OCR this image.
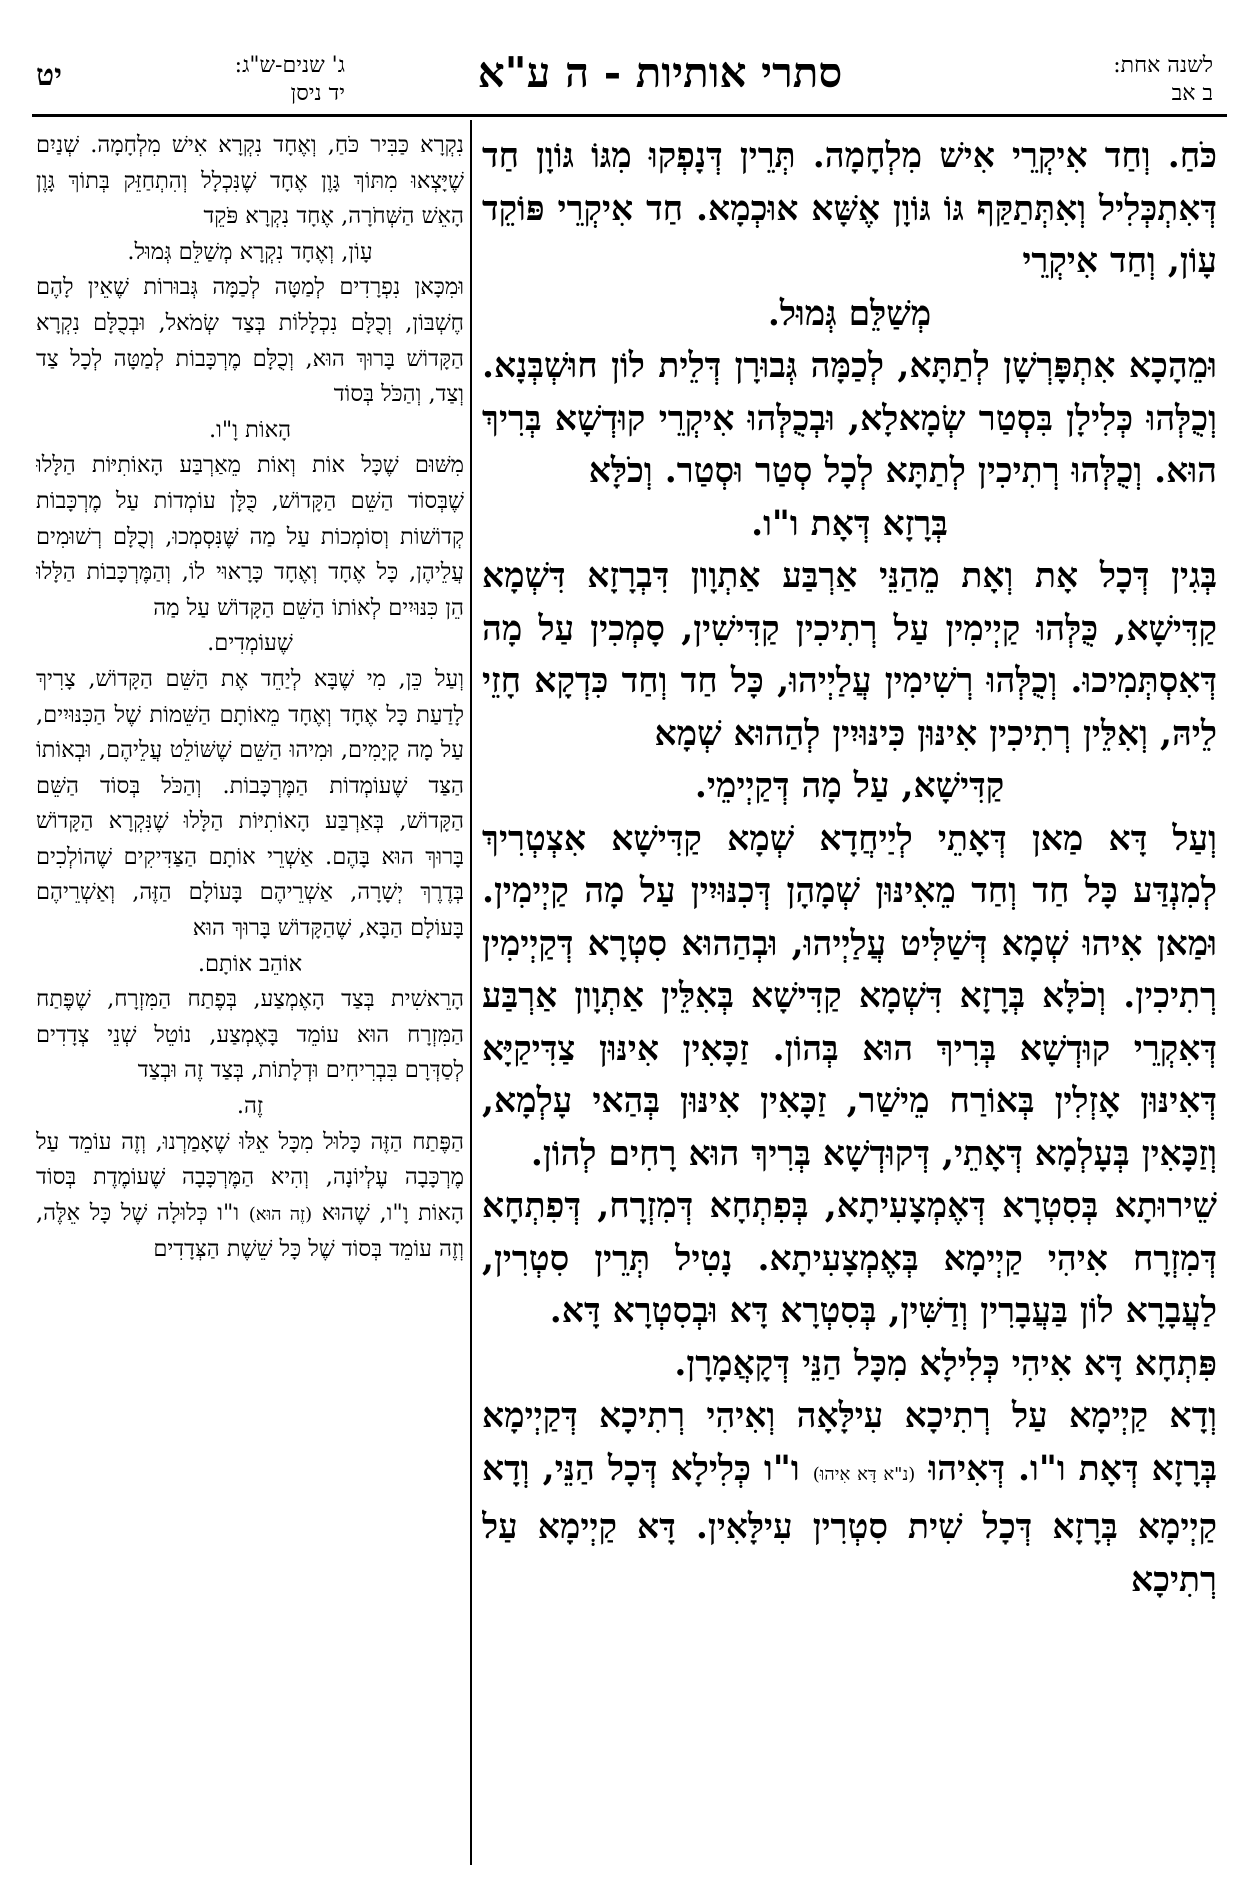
לשנה אחת:
ב אב
סתרי אותיות - ה ע"א
ג' שנים-ש"ג:
יד ניסן
יט

כֹּחַ. וְחַד אִיקְרֵי אִישׁ מִלְחָמָה. תְּרֵין דְּנָפְקוּ מִגּוֹ גּוֹוָן חַד דְּאִתְכְּלִיל וְאִתְּתַקַּף גּוֹ גּוֹוָן אֶשָּׁא אוּכְמָא. חַד אִיקְרֵי פּוֹקֵד עָוֹן, וְחַד אִיקְרֵי

מְשַׁלֵּם גְּמוּל.

וּמֵהָכָא אִתְפָּרְשָׁן לְתַתָּא, לְכַמָּה גְּבוּרָן דְּלֵית לוֹן חוּשְׁבְּנָא. וְכֻלְּהוּ כְּלִילָן בִּסְטַר שְׂמָאלָא, וּבְכֻלְּהוּ אִיקְרֵי קוּדְשָׁא בְּרִיךְ הוּא. וְכֻלְּהוּ רְתִיכִין לְתַתָּא לְכָל סְטַר וּסְטַר. וְכֹלָּא

בְּרָזָא דְּאָת ו"ו.

בְּגִין דְּכָל אָת וְאָת מֵהַנֵּי אַרְבַּע אַתְוָון דִּבְרָזָא דִּשְׁמָא קַדִּישָׁא, כֻּלְּהוּ קַיְימִין עַל רְתִיכִין קַדִּישִׁין, סָמְכִין עַל מָה דְּאִסְתְּמִיכוּ. וְכֻלְּהוּ רְשִׁימִין עֲלַיְיהוּ, כָּל חַד וְחַד כִּדְקָא חָזֵי לֵיהּ, וְאִלֵּין רְתִיכִין אִינּוּן כִּינּוּיִין לְהַהוּא שְׁמָא

קַדִּישָׁא, עַל מָה דְּקַיְימֵי.

וְעַל דָּא מַאן דְּאָתֵי לְיַיחֲדָא שְׁמָא קַדִּישָׁא אִצְטְרִיךְ לְמִנְדַּע כָּל חַד וְחַד מֵאִינּוּן שְׁמָהָן דְּכִנּוּיִין עַל מָה קַיְימִין. וּמַאן אִיהוּ שְׁמָא דְּשַׁלִּיט עֲלַיְיהוּ, וּבְהַהוּא סִטְרָא דְּקַיְימִין רְתִיכִין. וְכֹלָּא בְּרָזָא דִּשְׁמָא קַדִּישָׁא בְּאִלֵּין אַתְוָון אַרְבַּע דְּאִקְרֵי קוּדְשָׁא בְּרִיךְ הוּא בְּהוֹן. זַכָּאִין אִינּוּן צַדִּיקַיָּא דְּאִינּוּן אָזְלִין בְּאוֹרַח מֵישַׁר, זַכָּאִין אִינּוּן בְּהַאי עָלְמָא, וְזַכָּאִין בְּעָלְמָא דְּאָתֵי, דְּקוּדְשָׁא בְּרִיךְ הוּא רָחִים לְהוֹן.

שֵׁירוּתָא בְּסִטְרָא דְּאֶמְצָעִיתָא, בְּפִתְחָא דְּמִזְרָח, דְּפִתְחָא דְּמִזְרָח אִיהִי קַיְימָא בְּאֶמְצָעִיתָא. נָטִיל תְּרֵין סִטְרִין, לַעֲבָרָא לוֹן בַּעֲבָרִין וְדַשִּׁין, בְּסִטְרָא דָּא וּבְסִטְרָא דָּא.

פִּתְחָא דָּא אִיהִי כְּלִילָא מִכָּל הַנֵּי דְּקָאֲמָרָן.

וְדָא קַיְימָא עַל רְתִיכָא עִילָּאָה וְאִיהִי רְתִיכָא דְּקַיְימָא בְּרָזָא דְּאָת ו"ו. דְּאִיהוּ (נ"א דָּא אִיהוּ) ו"ו כְּלִילָא דְּכָל הַנֵּי, וְדָא קַיְימָא בְּרָזָא דְּכָל שִׁית סִטְרִין עִילָּאִין. דָּא קַיְימָא עַל רְתִיכָא

נִקְרָא כַּבִּיר כֹּחַ, וְאֶחָד נִקְרָא אִישׁ מִלְחָמָה. שְׁנַיִם שֶׁיָּצְאוּ מִתּוֹךְ גָּוֶן אֶחָד שֶׁנִּכְלָל וְהִתְחַזֵּק בְּתוֹךְ גָּוֶן הָאֵשׁ הַשְּׁחֹרָה, אֶחָד נִקְרָא פֹּקֵד

עָוֹן, וְאֶחָד נִקְרָא מְשַׁלֵּם גְּמוּל.

וּמִכָּאן נִפְרָדִים לְמַטָּה לְכַמָּה גְּבוּרוֹת שֶׁאֵין לָהֶם חֶשְׁבּוֹן, וְכֻלָּם נִכְלָלוֹת בְּצַד שְׂמֹאל, וּבְכֻלָּם נִקְרָא הַקָּדוֹשׁ בָּרוּךְ הוּא, וְכֻלָּם מֶרְכָּבוֹת לְמַטָּה לְכָל צַד וְצַד, וְהַכֹּל בְּסוֹד

הָאוֹת וָ"ו.

מִשּׁוּם שֶׁכָּל אוֹת וְאוֹת מֵאַרְבַּע הָאוֹתִיּוֹת הַלָּלוּ שֶׁבְּסוֹד הַשֵּׁם הַקָּדוֹשׁ, כֻּלָּן עוֹמְדוֹת עַל מֶרְכָּבוֹת קְדוֹשׁוֹת וְסוֹמְכוֹת עַל מַה שֶּׁנִּסְמְכוּ, וְכֻלָּם רְשׁוּמִים עֲלֵיהֶן, כָּל אֶחָד וְאֶחָד כָּרָאוּי לוֹ, וְהַמֶּרְכָּבוֹת הַלָּלוּ הֵן כִּנּוּיִים לְאוֹתוֹ הַשֵּׁם הַקָּדוֹשׁ עַל מַה

שֶׁעוֹמְדִים.

וְעַל כֵּן, מִי שֶׁבָּא לְיַחֵד אֶת הַשֵּׁם הַקָּדוֹשׁ, צָרִיךְ לָדַעַת כָּל אֶחָד וְאֶחָד מֵאוֹתָם הַשֵּׁמוֹת שֶׁל הַכִּנּוּיִים, עַל מָה קָיָמִים, וּמִיהוּ הַשֵּׁם שֶׁשּׁוֹלֵט עֲלֵיהֶם, וּבְאוֹתוֹ הַצַּד שֶׁעוֹמְדוֹת הַמֶּרְכָּבוֹת. וְהַכֹּל בְּסוֹד הַשֵּׁם הַקָּדוֹשׁ, בְּאַרְבַּע הָאוֹתִיּוֹת הַלָּלוּ שֶׁנִּקְרָא הַקָּדוֹשׁ בָּרוּךְ הוּא בָּהֶם. אַשְׁרֵי אוֹתָם הַצַּדִּיקִים שֶׁהוֹלְכִים בְּדֶרֶךְ יְשָׁרָה, אַשְׁרֵיהֶם בָּעוֹלָם הַזֶּה, וְאַשְׁרֵיהֶם בָּעוֹלָם הַבָּא, שֶׁהַקָּדוֹשׁ בָּרוּךְ הוּא

אוֹהֵב אוֹתָם.

הָרֵאשִׁית בְּצַד הָאֶמְצַע, בְּפֶתַח הַמִּזְרָח, שֶׁפֶּתַח הַמִּזְרָח הוּא עוֹמֵד בָּאֶמְצַע, נוֹטֵל שְׁנֵי צְדָדִים לְסַדְּרָם בִּבְרִיחִים וּדְלָתוֹת, בְּצַד זֶה וּבְצַד

זֶה.

הַפֶּתַח הַזֶּה כָּלוּל מִכָּל אֵלּוּ שֶׁאָמַרְנוּ, וְזֶה עוֹמֵד עַל מֶרְכָּבָה עֶלְיוֹנָה, וְהִיא הַמֶּרְכָּבָה שֶׁעוֹמֶדֶת בְּסוֹד הָאוֹת וָ"ו, שֶׁהוּא (זֶה הוּא) ו"ו כְּלוּלָה שֶׁל כָּל אֵלֶּה, וְזֶה עוֹמֵד בְּסוֹד שֶׁל כָּל שֵׁשֶׁת הַצְּדָדִים
